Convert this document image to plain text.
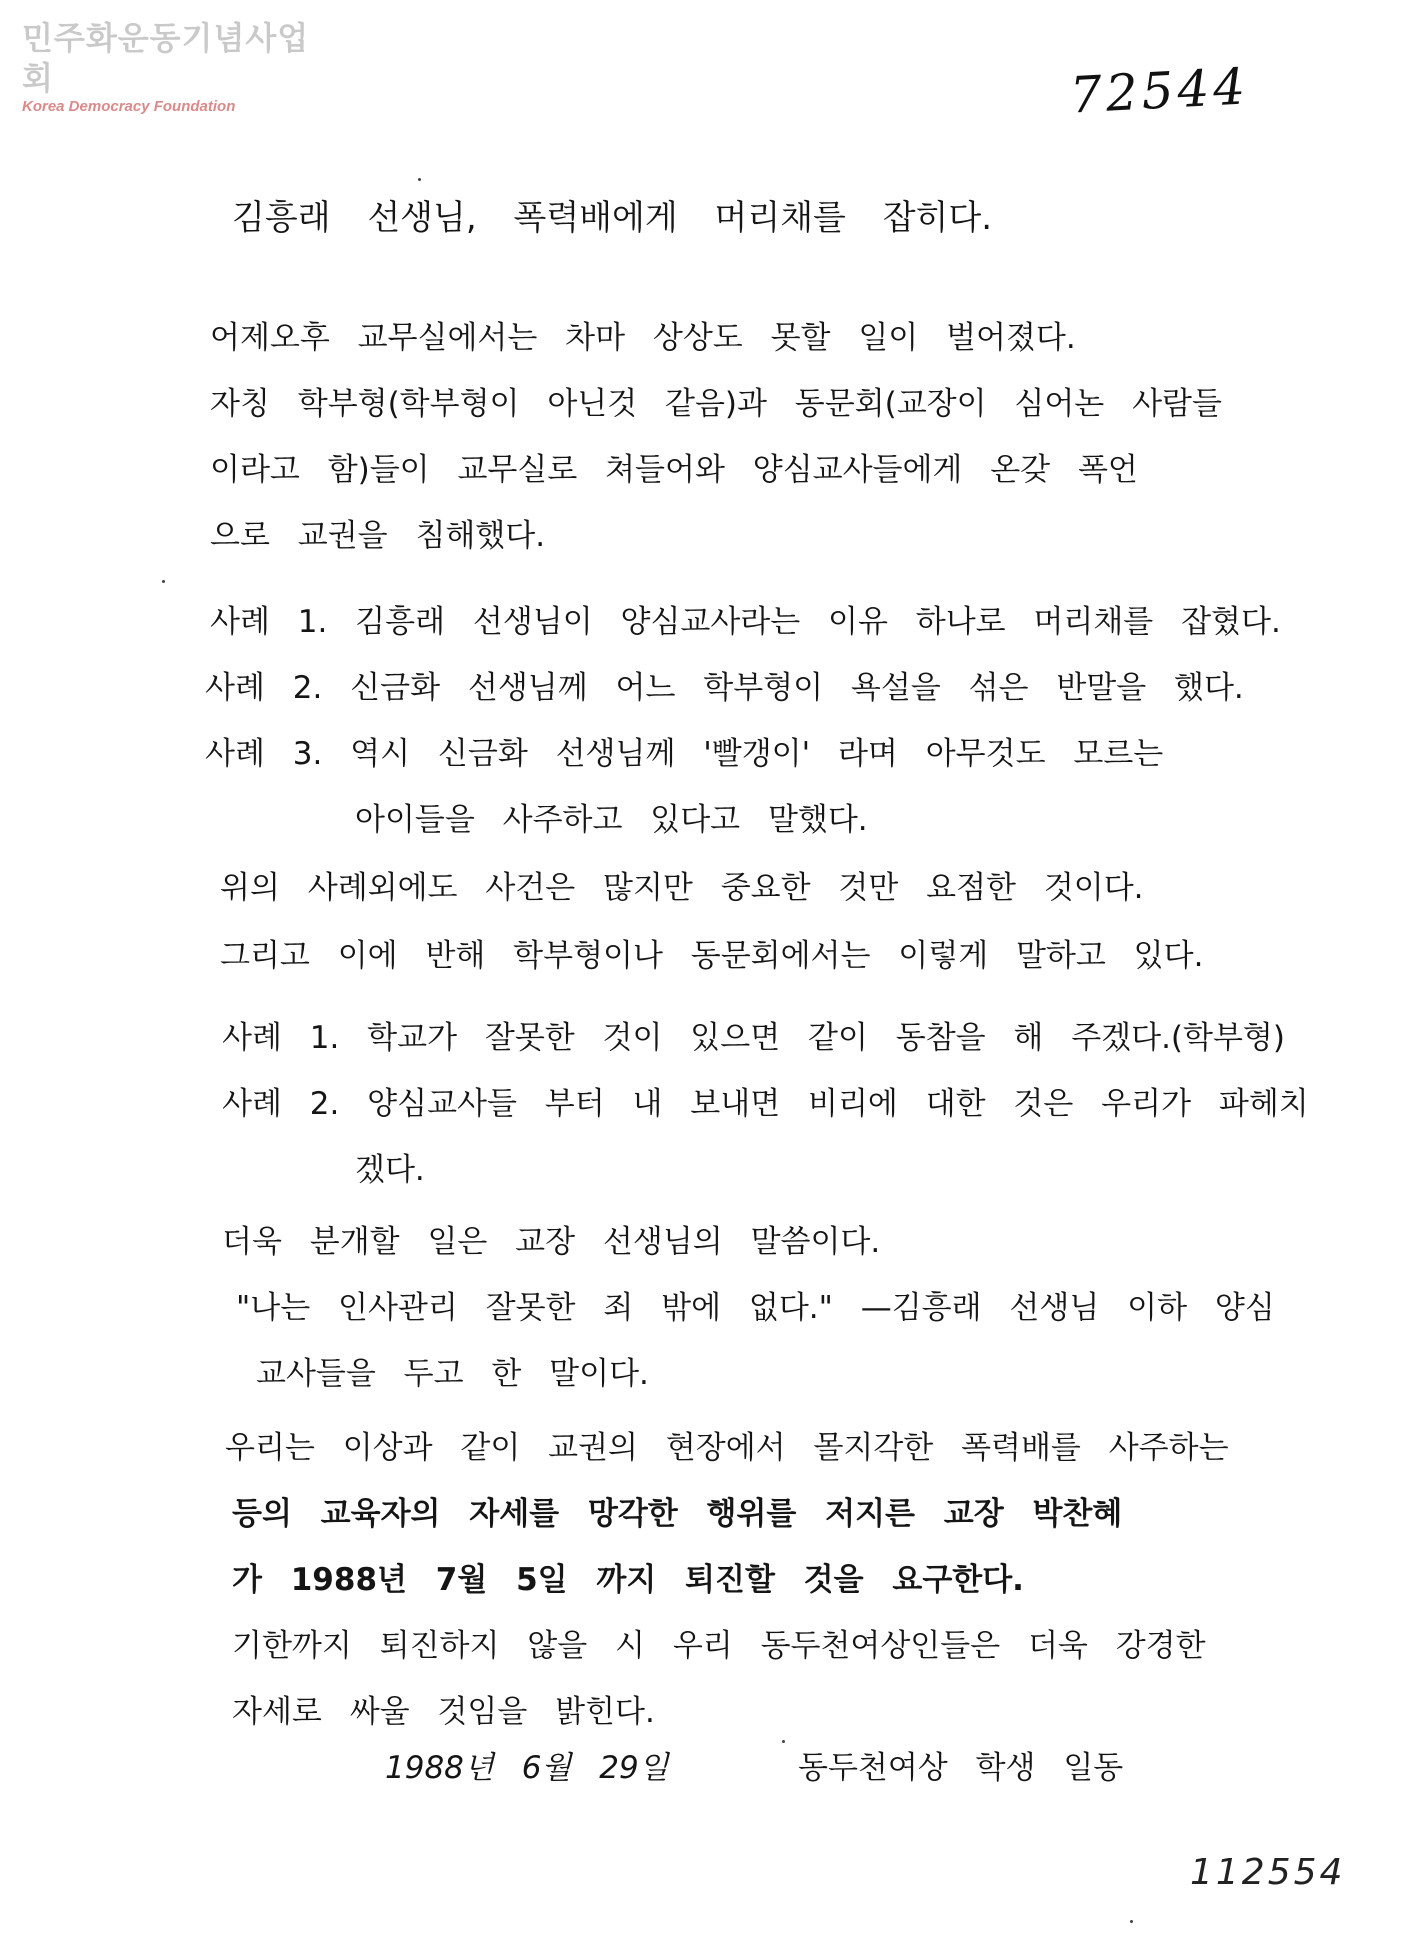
민주화운동기념사업회
Korea Democracy Foundation	72544
김흥래 선생님, 폭력배에게 머리채를 잡히다.
어제오후 교무실에서는 차마 상상도 못할 일이 벌어졌다.
자칭 학부형(학부형이 아닌것 같음)과 동문회(교장이 심어논 사람들
이라고 함)들이 교무실로 쳐들어와 양심교사들에게 온갖 폭언
으로 교권을 침해했다.
사례 1. 김흥래 선생님이 양심교사라는 이유 하나로 머리채를 잡혔다.
사례 2. 신금화 선생님께 어느 학부형이 욕설을 섞은 반말을 했다.
사례 3. 역시 신금화 선생님께 '빨갱이' 라며 아무것도 모르는
아이들을 사주하고 있다고 말했다.
위의 사례외에도 사건은 많지만 중요한 것만 요점한 것이다.
그리고 이에 반해 학부형이나 동문회에서는 이렇게 말하고 있다.
사례 1. 학교가 잘못한 것이 있으면 같이 동참을 해 주겠다.(학부형)
사례 2. 양심교사들 부터 내 보내면 비리에 대한 것은 우리가 파헤치
겠다.
더욱 분개할 일은 교장 선생님의 말씀이다.
"나는 인사관리 잘못한 죄 밖에 없다." —김흥래 선생님 이하 양심
교사들을 두고 한 말이다.
우리는 이상과 같이 교권의 현장에서 몰지각한 폭력배를 사주하는
등의 교육자의 자세를 망각한 행위를 저지른 교장 박찬혜
가 1988년 7월 5일 까지 퇴진할 것을 요구한다.
기한까지 퇴진하지 않을 시 우리 동두천여상인들은 더욱 강경한
자세로 싸울 것임을 밝힌다.
1988년 6월 29일	동두천여상 학생 일동
112554
